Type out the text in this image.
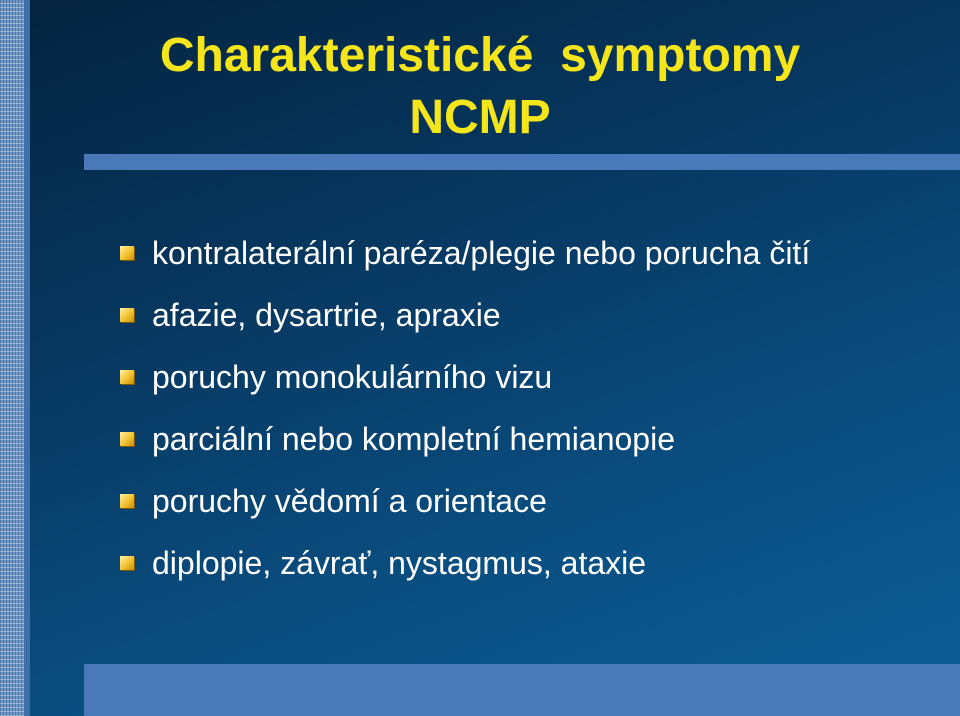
Charakteristické  symptomy
NCMP
kontralaterální paréza/plegie nebo porucha čití
afazie, dysartrie, apraxie
poruchy monokulárního vizu
parciální nebo kompletní hemianopie
poruchy vědomí a orientace
diplopie, závrať, nystagmus, ataxie
